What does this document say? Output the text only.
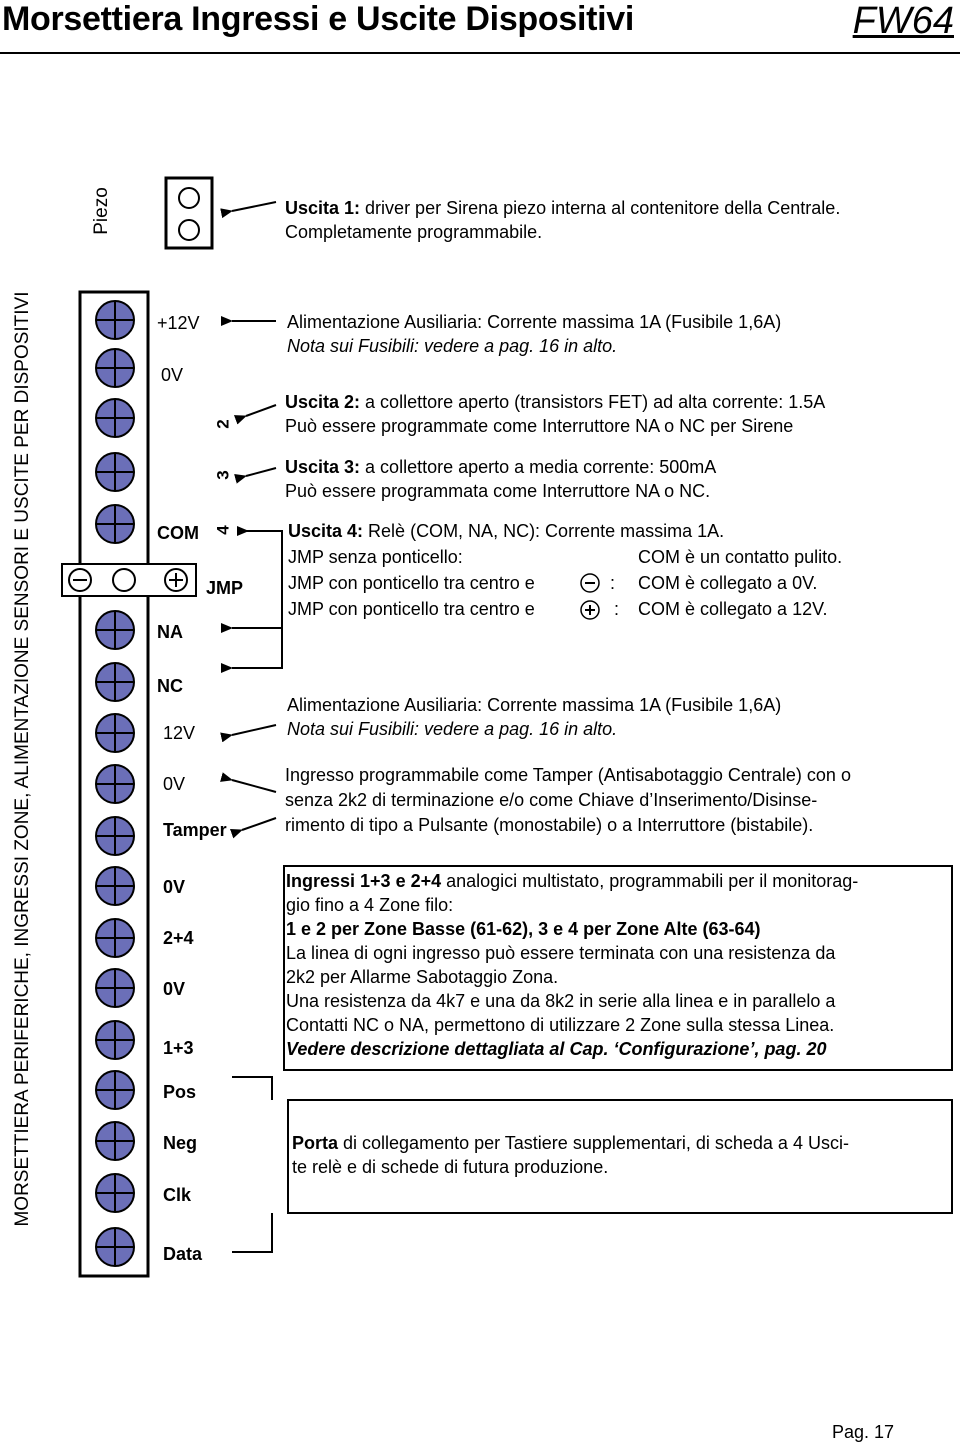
Morsettiera Ingressi e Uscite Dispositivi	FW64
MORSETTIERA PERIFERICHE, INGRESSI ZONE, ALIMENTAZIONE SENSORI E USCITE PER DISPOSITIVI
Piezo
+12V
0V
COM
NA
NC
12V
0V
Tamper
0V
2+4
0V
1+3
Pos
Neg
Clk
Data
2
3
4
JMP
Uscita 1: driver per Sirena piezo interna al contenitore della Centrale.
Completamente programmabile.
Alimentazione Ausiliaria: Corrente massima 1A (Fusibile 1,6A)
Nota sui Fusibili: vedere a pag. 16 in alto.
Uscita 2: a collettore aperto (transistors FET) ad alta corrente: 1.5A
Può essere programmate come Interruttore NA o NC per Sirene
Uscita 3: a collettore aperto a media corrente: 500mA
Può essere programmata come Interruttore NA o NC.
Uscita 4: Relè (COM, NA, NC): Corrente massima 1A.
JMP senza ponticello:	COM è un contatto pulito.
JMP con ponticello tra centro e	: COM è collegato a 0V.
JMP con ponticello tra centro e	: COM è collegato a 12V.
Alimentazione Ausiliaria: Corrente massima 1A (Fusibile 1,6A)
Nota sui Fusibili: vedere a pag. 16 in alto.
Ingresso programmabile come Tamper (Antisabotaggio Centrale) con o
senza 2k2 di terminazione e/o come Chiave d’Inserimento/Disinse-
rimento di tipo a Pulsante (monostabile) o a Interruttore (bistabile).
Ingressi 1+3 e 2+4 analogici multistato, programmabili per il monitorag-
gio fino a 4 Zone filo:
1 e 2 per Zone Basse (61-62), 3 e 4 per Zone Alte (63-64)
La linea di ogni ingresso può essere terminata con una resistenza da
2k2 per Allarme Sabotaggio Zona.
Una resistenza da 4k7 e una da 8k2 in serie alla linea e in parallelo a
Contatti NC o NA, permettono di utilizzare 2 Zone sulla stessa Linea.
Vedere descrizione dettagliata al Cap. ‘Configurazione’, pag. 20
Porta di collegamento per Tastiere supplementari, di scheda a 4 Usci-
te relè e di schede di futura produzione.
Pag. 17
